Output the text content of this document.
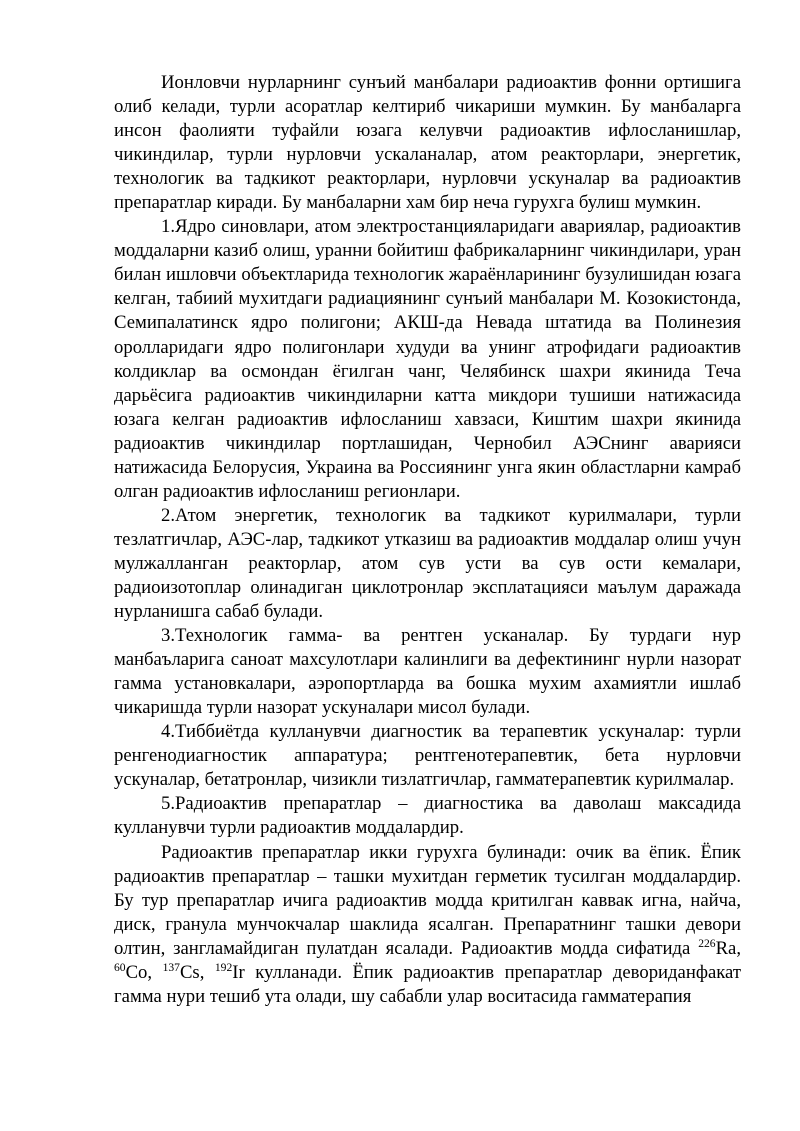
Ионловчи нурларнинг сунъий манбалари радиоактив фонни ортишига олиб келади, турли асоратлар келтириб чикариши мумкин. Бу манбаларга инсон фаолияти туфайли юзага келувчи радиоактив ифлосланишлар, чикиндилар, турли нурловчи ускаланалар, атом реакторлари, энергетик, технологик ва тадкикот реакторлари, нурловчи ускуналар ва радиоактив препаратлар киради. Бу манбаларни хам бир неча гурухга булиш мумкин.

1.Ядро синовлари, атом электростанцияларидаги авариялар, радиоактив моддаларни казиб олиш, уранни бойитиш фабрикаларнинг чикиндилари, уран билан ишловчи объектларида технологик жараёнларининг бузулишидан юзага келган, табиий мухитдаги радиациянинг сунъий манбалари М. Козокистонда, Семипалатинск ядро полигони; АКШ-да Невада штатида ва Полинезия оролларидаги ядро полигонлари худуди ва унинг атрофидаги радиоактив колдиклар ва осмондан ёгилган чанг, Челябинск шахри якинида Теча дарьёсига радиоактив чикиндиларни катта микдори тушиши натижасида юзага келган радиоактив ифлосланиш хавзаси, Киштим шахри якинида радиоактив чикиндилар портлашидан, Чернобил АЭСнинг аварияси натижасида Белорусия, Украина ва Россиянинг унга якин областларни камраб олган радиоактив ифлосланиш регионлари.

2.Атом энергетик, технологик ва тадкикот курилмалари, турли тезлатгичлар, АЭС-лар, тадкикот утказиш ва радиоактив моддалар олиш учун мулжалланган реакторлар, атом сув усти ва сув ости кемалари, радиоизотоплар олинадиган циклотронлар эксплатацияси маълум даражада нурланишга сабаб булади.

3.Технологик гамма- ва рентген усканалар. Бу турдаги нур манбаъларига саноат махсулотлари калинлиги ва дефектининг нурли назорат гамма установкалари, аэропортларда ва бошка мухим ахамиятли ишлаб чикаришда турли назорат ускуналари мисол булади.

4.Тиббиётда кулланувчи диагностик ва терапевтик ускуналар: турли ренгенодиагностик аппаратура; рентгенотерапевтик, бета нурловчи ускуналар, бетатронлар, чизикли тизлатгичлар, гамматерапевтик курилмалар.

5.Радиоактив препаратлар – диагностика ва даволаш максадида кулланувчи турли радиоактив моддалардир.

Радиоактив препаратлар икки гурухга булинади: очик ва ёпик. Ёпик радиоактив препаратлар – ташки мухитдан герметик тусилган моддалардир. Бу тур препаратлар ичига радиоактив модда критилган каввак игна, найча, диск, гранула мунчокчалар шаклида ясалган. Препаратнинг ташки девори олтин, зангламайдиган пулатдан ясалади. Радиоактив модда сифатида $^{226}$Ra, $^{60}$Co, $^{137}$Cs, $^{192}$Ir кулланади. Ёпик радиоактив препаратлар девориданфакат гамма нури тешиб ута олади, шу сабабли улар воситасида гамматерапия
